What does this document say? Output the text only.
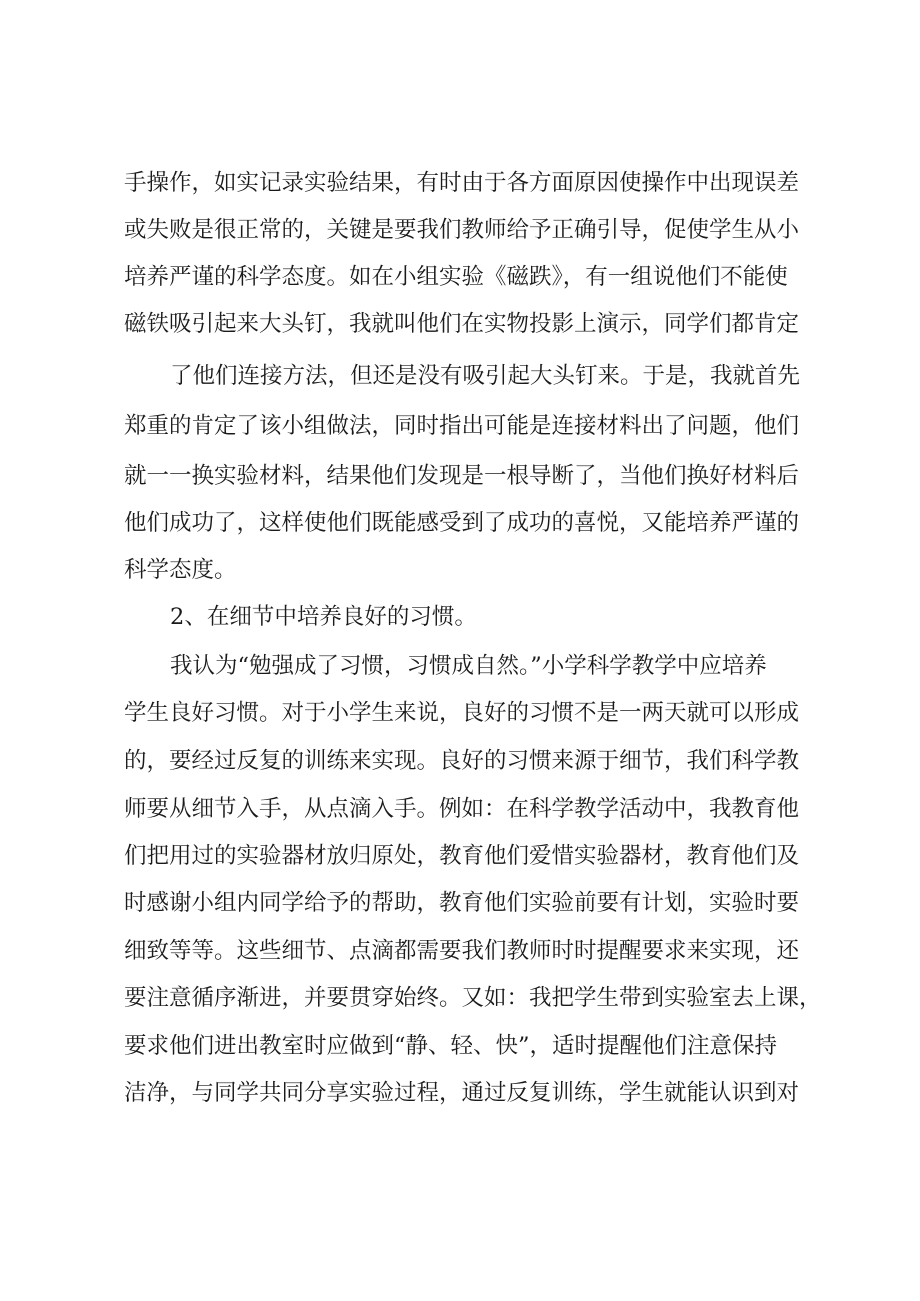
手操作，如实记录实验结果，有时由于各方面原因使操作中出现误差
或失败是很正常的，关键是要我们教师给予正确引导，促使学生从小
培养严谨的科学态度。如在小组实验《磁跌》，有一组说他们不能使
磁铁吸引起来大头钉，我就叫他们在实物投影上演示，同学们都肯定
了他们连接方法，但还是没有吸引起大头钉来。于是，我就首先
郑重的肯定了该小组做法，同时指出可能是连接材料出了问题，他们
就一一换实验材料，结果他们发现是一根导断了，当他们换好材料后
他们成功了，这样使他们既能感受到了成功的喜悦，又能培养严谨的
科学态度。
2、在细节中培养良好的习惯。
我认为“勉强成了习惯，习惯成自然。”小学科学教学中应培养
学生良好习惯。对于小学生来说，良好的习惯不是一两天就可以形成
的，要经过反复的训练来实现。良好的习惯来源于细节，我们科学教
师要从细节入手，从点滴入手。例如：在科学教学活动中，我教育他
们把用过的实验器材放归原处，教育他们爱惜实验器材，教育他们及
时感谢小组内同学给予的帮助，教育他们实验前要有计划，实验时要
细致等等。这些细节、点滴都需要我们教师时时提醒要求来实现，还
要注意循序渐进，并要贯穿始终。又如：我把学生带到实验室去上课，
要求他们进出教室时应做到“静、轻、快”，适时提醒他们注意保持
洁净，与同学共同分享实验过程，通过反复训练，学生就能认识到对
